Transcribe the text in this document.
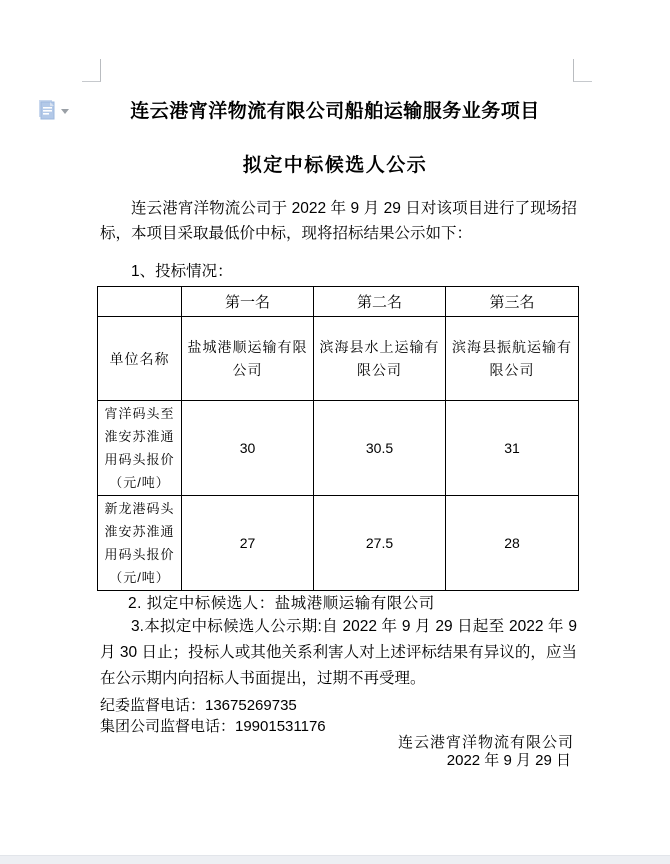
连云港宵洋物流有限公司船舶运输服务业务项目
拟定中标候选人公示
连云港宵洋物流公司于 2022 年 9 月 29 日对该项目进行了现场招标，本项目采取最低价中标，现将招标结果公示如下：
1、投标情况：
	第一名	第二名	第三名
单位名称	盐城港顺运输有限公司	滨海县水上运输有限公司	滨海县振航运输有限公司
宵洋码头至淮安苏淮通用码头报价（元/吨）	30	30.5	31
新龙港码头淮安苏淮通用码头报价（元/吨）	27	27.5	28
2. 拟定中标候选人：盐城港顺运输有限公司
3.本拟定中标候选人公示期:自 2022 年 9 月 29 日起至 2022 年 9 月 30 日止；投标人或其他关系利害人对上述评标结果有异议的，应当在公示期内向招标人书面提出，过期不再受理。
纪委监督电话：13675269735
集团公司监督电话：19901531176
连云港宵洋物流有限公司
2022 年 9 月 29 日
